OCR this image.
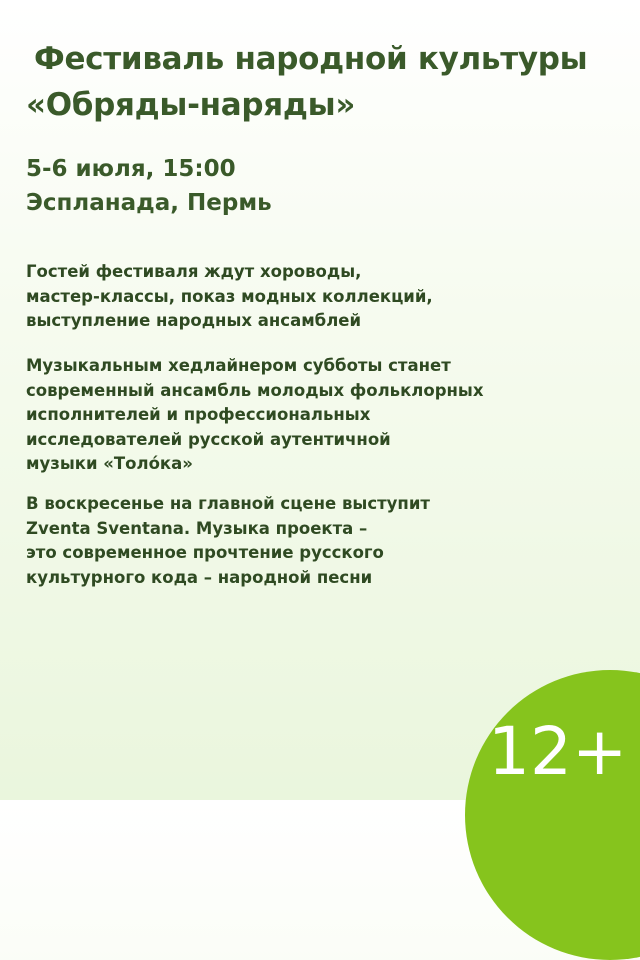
Фестиваль народной культуры
«Обряды-наряды»
5-6 июля, 15:00
Эспланада, Пермь

Гостей фестиваля ждут хороводы,
мастер-классы, показ модных коллекций,
выступление народных ансамблей

Музыкальным хедлайнером субботы станет
современный ансамбль молодых фольклорных
исполнителей и профессиональных
исследователей русской аутентичной
музыки «Толо́ка»

В воскресенье на главной сцене выступит
Zventa Sventana. Музыка проекта –
это современное прочтение русского
культурного кода – народной песни

12+
